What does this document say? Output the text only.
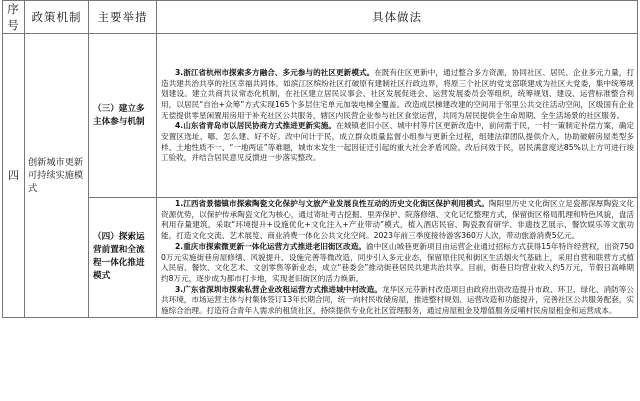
序号	政策机制	主要举措	具体做法
四	创新城市更新可持续实施模式	（三）建立多主体参与机制	3.浙江省杭州市探索多方融合、多元参与的社区更新模式。在既有住区更新中，通过整合多方资源，协同社区、居民、企业多元力量，打造共建共治共享的社区幸福共同体。如滨江区缤纷社区打破原有建制社区行政边界，将原三个社区的党支部联建成为社区大党委，集中统筹规划建设。建立共商共议常态化机制，在社区建立居民议事会、社区发展促进会、运营发展委员会等组织，统筹规划、建设、运营标准整合利用，以居民“自治+众筹”方式实现165个多层住宅单元加装电梯全覆盖。改造成层梯建改建的空间用于邻里公共交往活动空间，区级国有企业无偿提供零星闲置用房用于补充社区公共服务，辖区内民营企业参与社区食堂运营，共同为居民提供全生命周期、全生活场景的社区服务。

4.山东省青岛市以居民协商方式推进更新实施。在城镇老旧小区、城中村等片区更新改造中，前问需于民，一村一策制定补偿方案，确定安置区选址、哪、怎么建、好不好。改中问计于民，成立群众质量监督小组参与更新全过程，组建法律团队提供介入，协助破解房屋类型多样、土地性质不一、“一地两证”等难题，城市未发生一起因征迁引起的重大社会矛盾风险。改后问效于民，居民满意度达85%以上方可进行竣工验收，并结合居民意见反馈进一步落实整改。

		（四）探索运营前置和全流程一体化推进模式	1.江西省景德镇市探索陶瓷文化保护与文旅产业发展良性互动的历史文化街区保护利用模式。陶阳里历史文化街区立足瓷都深厚陶瓷文化资源优势，以保护传承陶瓷文化为核心，通过寄址考古挖掘、里弄保护、院落修缮、文化记忆整理方式，保留街区格局肌理和特色风貌，盘活利用存量建筑，采取“环境提升+设施优化+文化注入+产业带动”模式，植入酒店民宿、陶瓷教育研学、非遗技艺展示、餐饮娱乐等文旅功能，打造文化交流、艺术展览、商业消费一体化公共文化空间。2023年前三季度接待游客360万人次，带动旅游消费5亿元。

2.重庆市探索微更新一体化运营方式推进老旧街区改造。渝中区山城巷更新项目由运营企业通过招标方式获得15年特许经营权，出资7500万元实施街巷房屋修缮、风貌提升、设施完善等微改造，同步引入多元业态，保留原住民和街区生活烟火气基础上，采用自营和联营方式植入民宿、餐饮、文化艺术、文创零售等新业态，成立“巷委会”推动街巷居民共建共治共享。目前，街巷日均营业收入约5万元，节假日高峰期约8万元，逐步成为都市打卡地，实现老旧街区的活力焕新。

3.广东省深圳市探索私营企业改租运营方式推进城中村改造。龙华区元芬新村改造项目由政府出资改造提升市政、环卫、绿化、消防等公共环境，市场运营主体与村集体签订13年长期合同，统一向村民收储房屋，推进整村规划、运营改造和功能提升，完善社区公共服务配套，实施综合治理。打造符合青年人需求的租赁社区，持续提供专业化社区管理服务，通过房屋租金及增值服务反哺村民房屋租金和运营成本。
